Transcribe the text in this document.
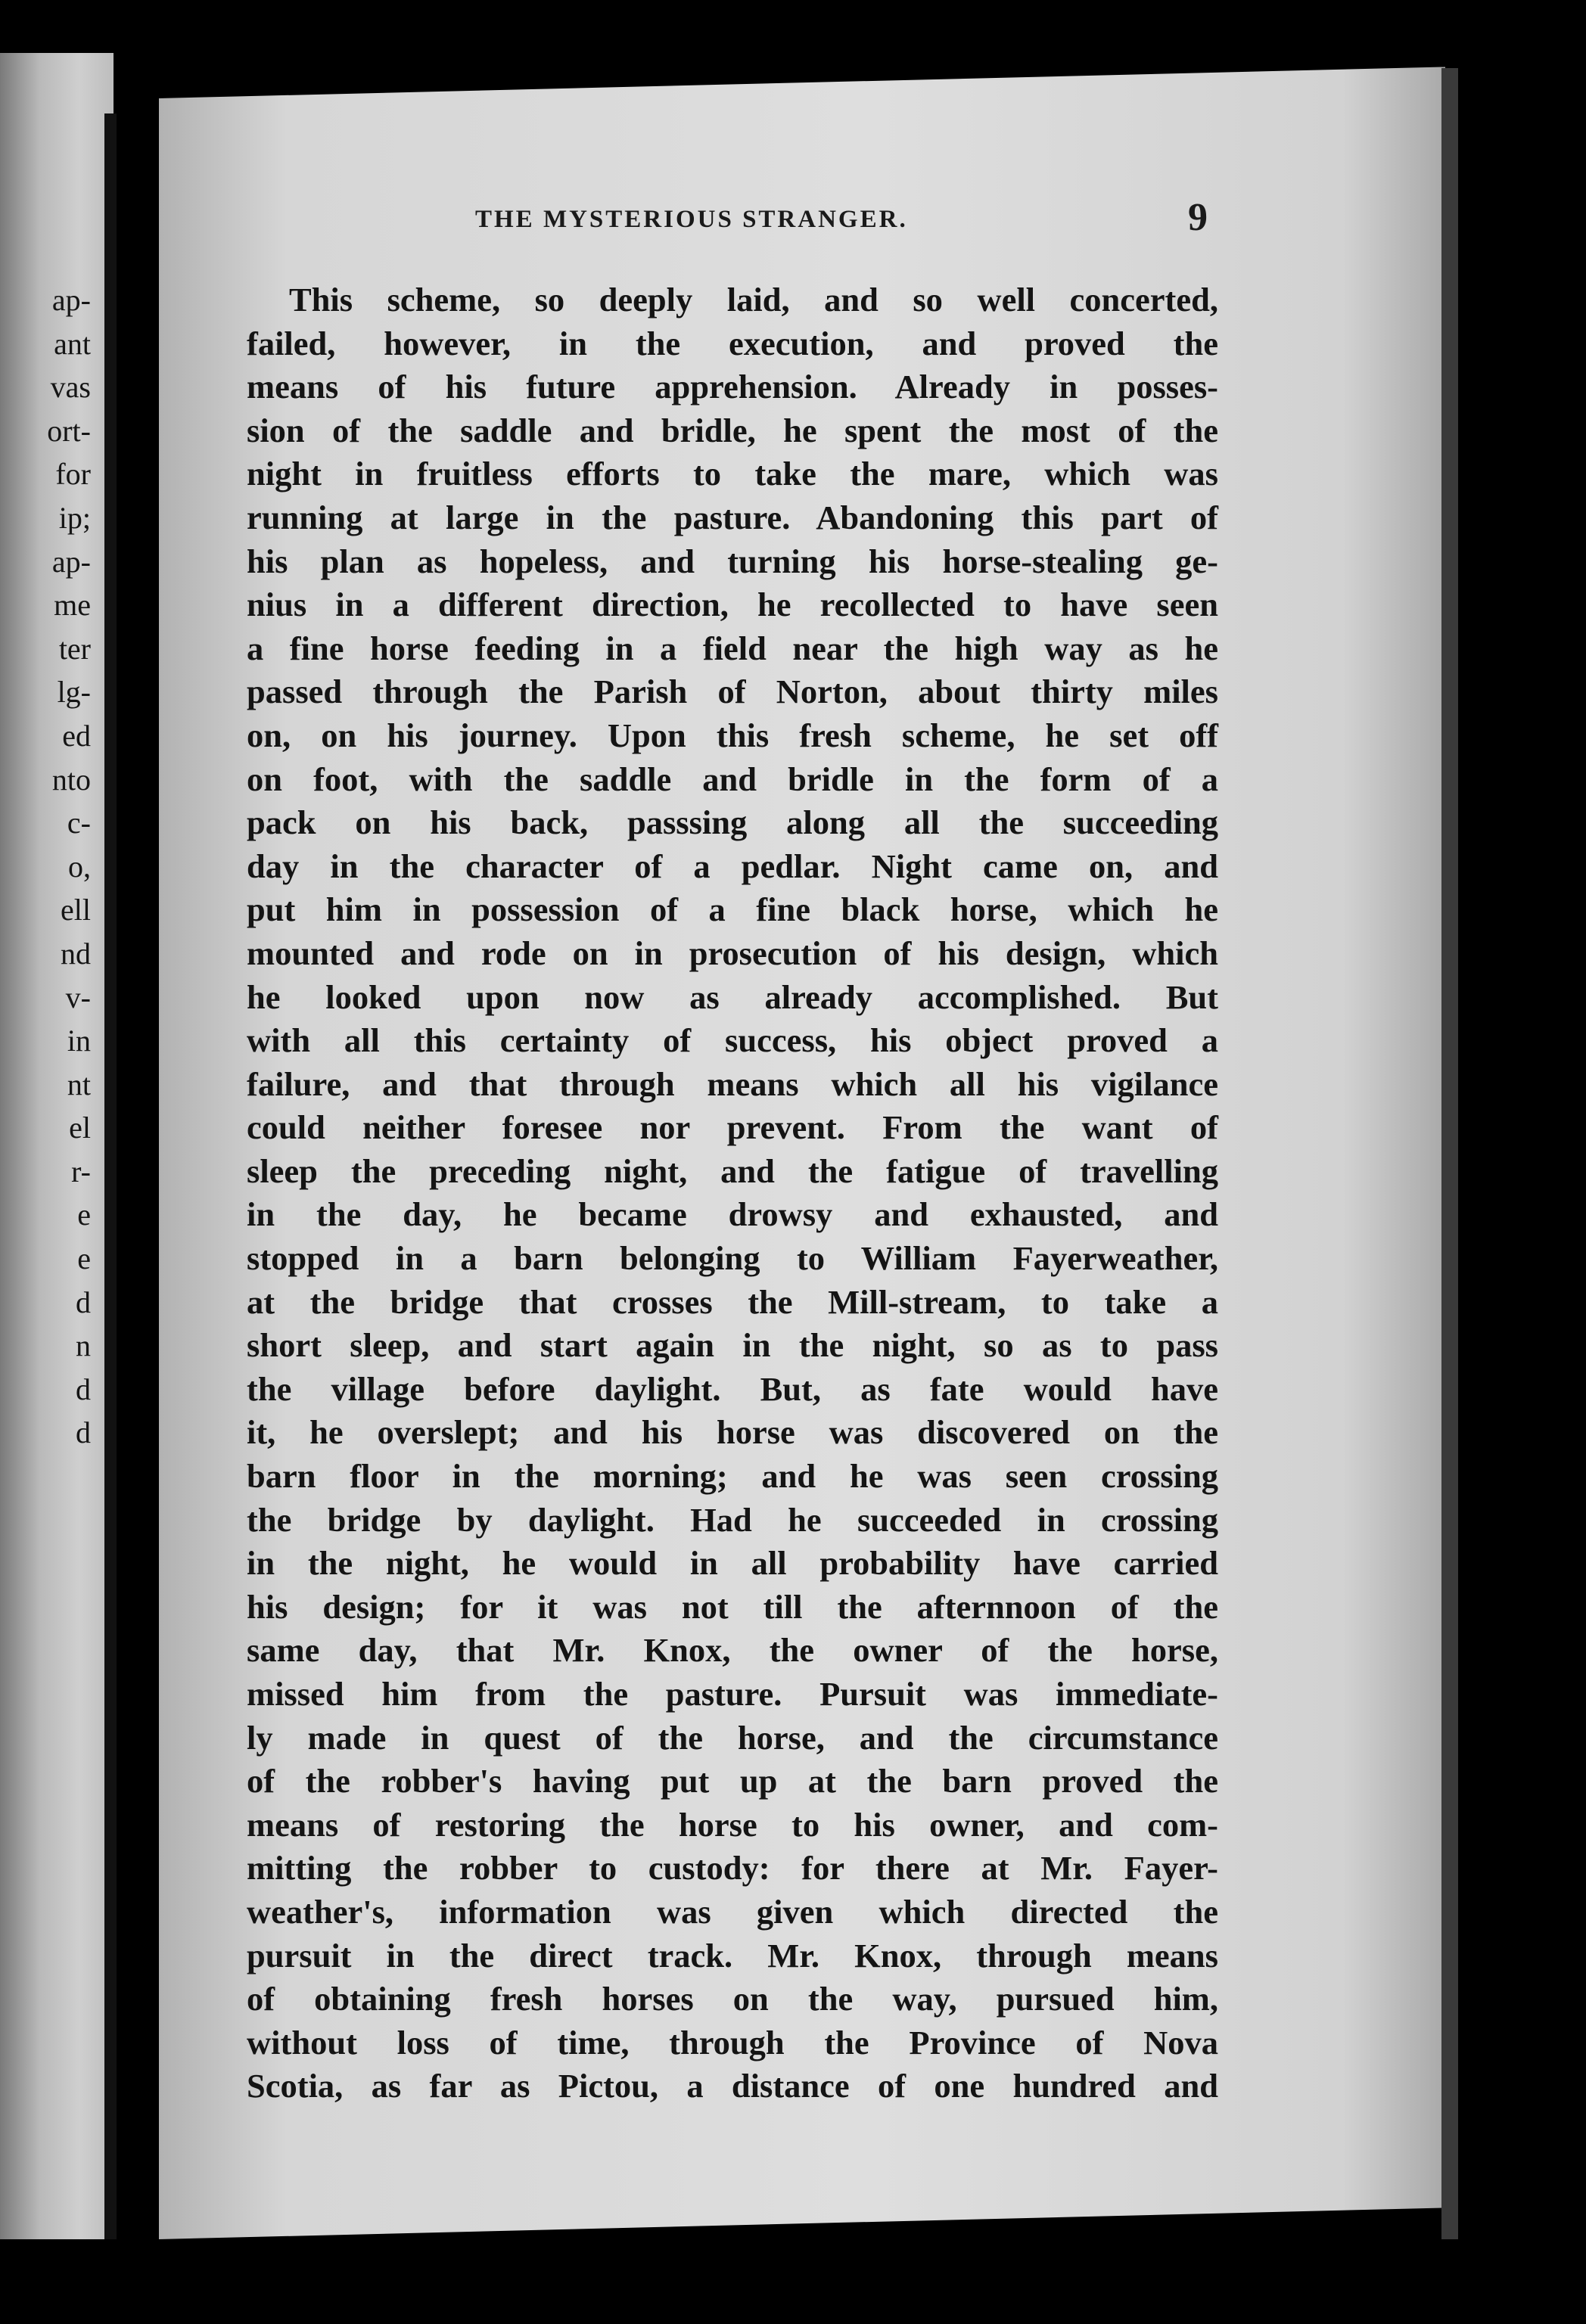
ap-
ant
vas
ort-
for
ip;
ap-
me
ter
lg-
ed
nto
c-
o,
ell
nd
v-
in
nt
el
r-
e
e
d
n
d
d
THE MYSTERIOUS STRANGER.	9
This scheme, so deeply laid, and so well concerted,
failed, however, in the execution, and proved the
means of his future apprehension. Already in posses-
sion of the saddle and bridle, he spent the most of the
night in fruitless efforts to take the mare, which was
running at large in the pasture. Abandoning this part of
his plan as hopeless, and turning his horse-stealing ge-
nius in a different direction, he recollected to have seen
a fine horse feeding in a field near the high way as he
passed through the Parish of Norton, about thirty miles
on, on his journey. Upon this fresh scheme, he set off
on foot, with the saddle and bridle in the form of a
pack on his back, passsing along all the succeeding
day in the character of a pedlar. Night came on, and
put him in possession of a fine black horse, which he
mounted and rode on in prosecution of his design, which
he looked upon now as already accomplished. But
with all this certainty of success, his object proved a
failure, and that through means which all his vigilance
could neither foresee nor prevent. From the want of
sleep the preceding night, and the fatigue of travelling
in the day, he became drowsy and exhausted, and
stopped in a barn belonging to William Fayerweather,
at the bridge that crosses the Mill-stream, to take a
short sleep, and start again in the night, so as to pass
the village before daylight. But, as fate would have
it, he overslept; and his horse was discovered on the
barn floor in the morning; and he was seen crossing
the bridge by daylight. Had he succeeded in crossing
in the night, he would in all probability have carried
his design; for it was not till the afternnoon of the
same day, that Mr. Knox, the owner of the horse,
missed him from the pasture. Pursuit was immediate-
ly made in quest of the horse, and the circumstance
of the robber's having put up at the barn proved the
means of restoring the horse to his owner, and com-
mitting the robber to custody: for there at Mr. Fayer-
weather's, information was given which directed the
pursuit in the direct track. Mr. Knox, through means
of obtaining fresh horses on the way, pursued him,
without loss of time, through the Province of Nova
Scotia, as far as Pictou, a distance of one hundred and
